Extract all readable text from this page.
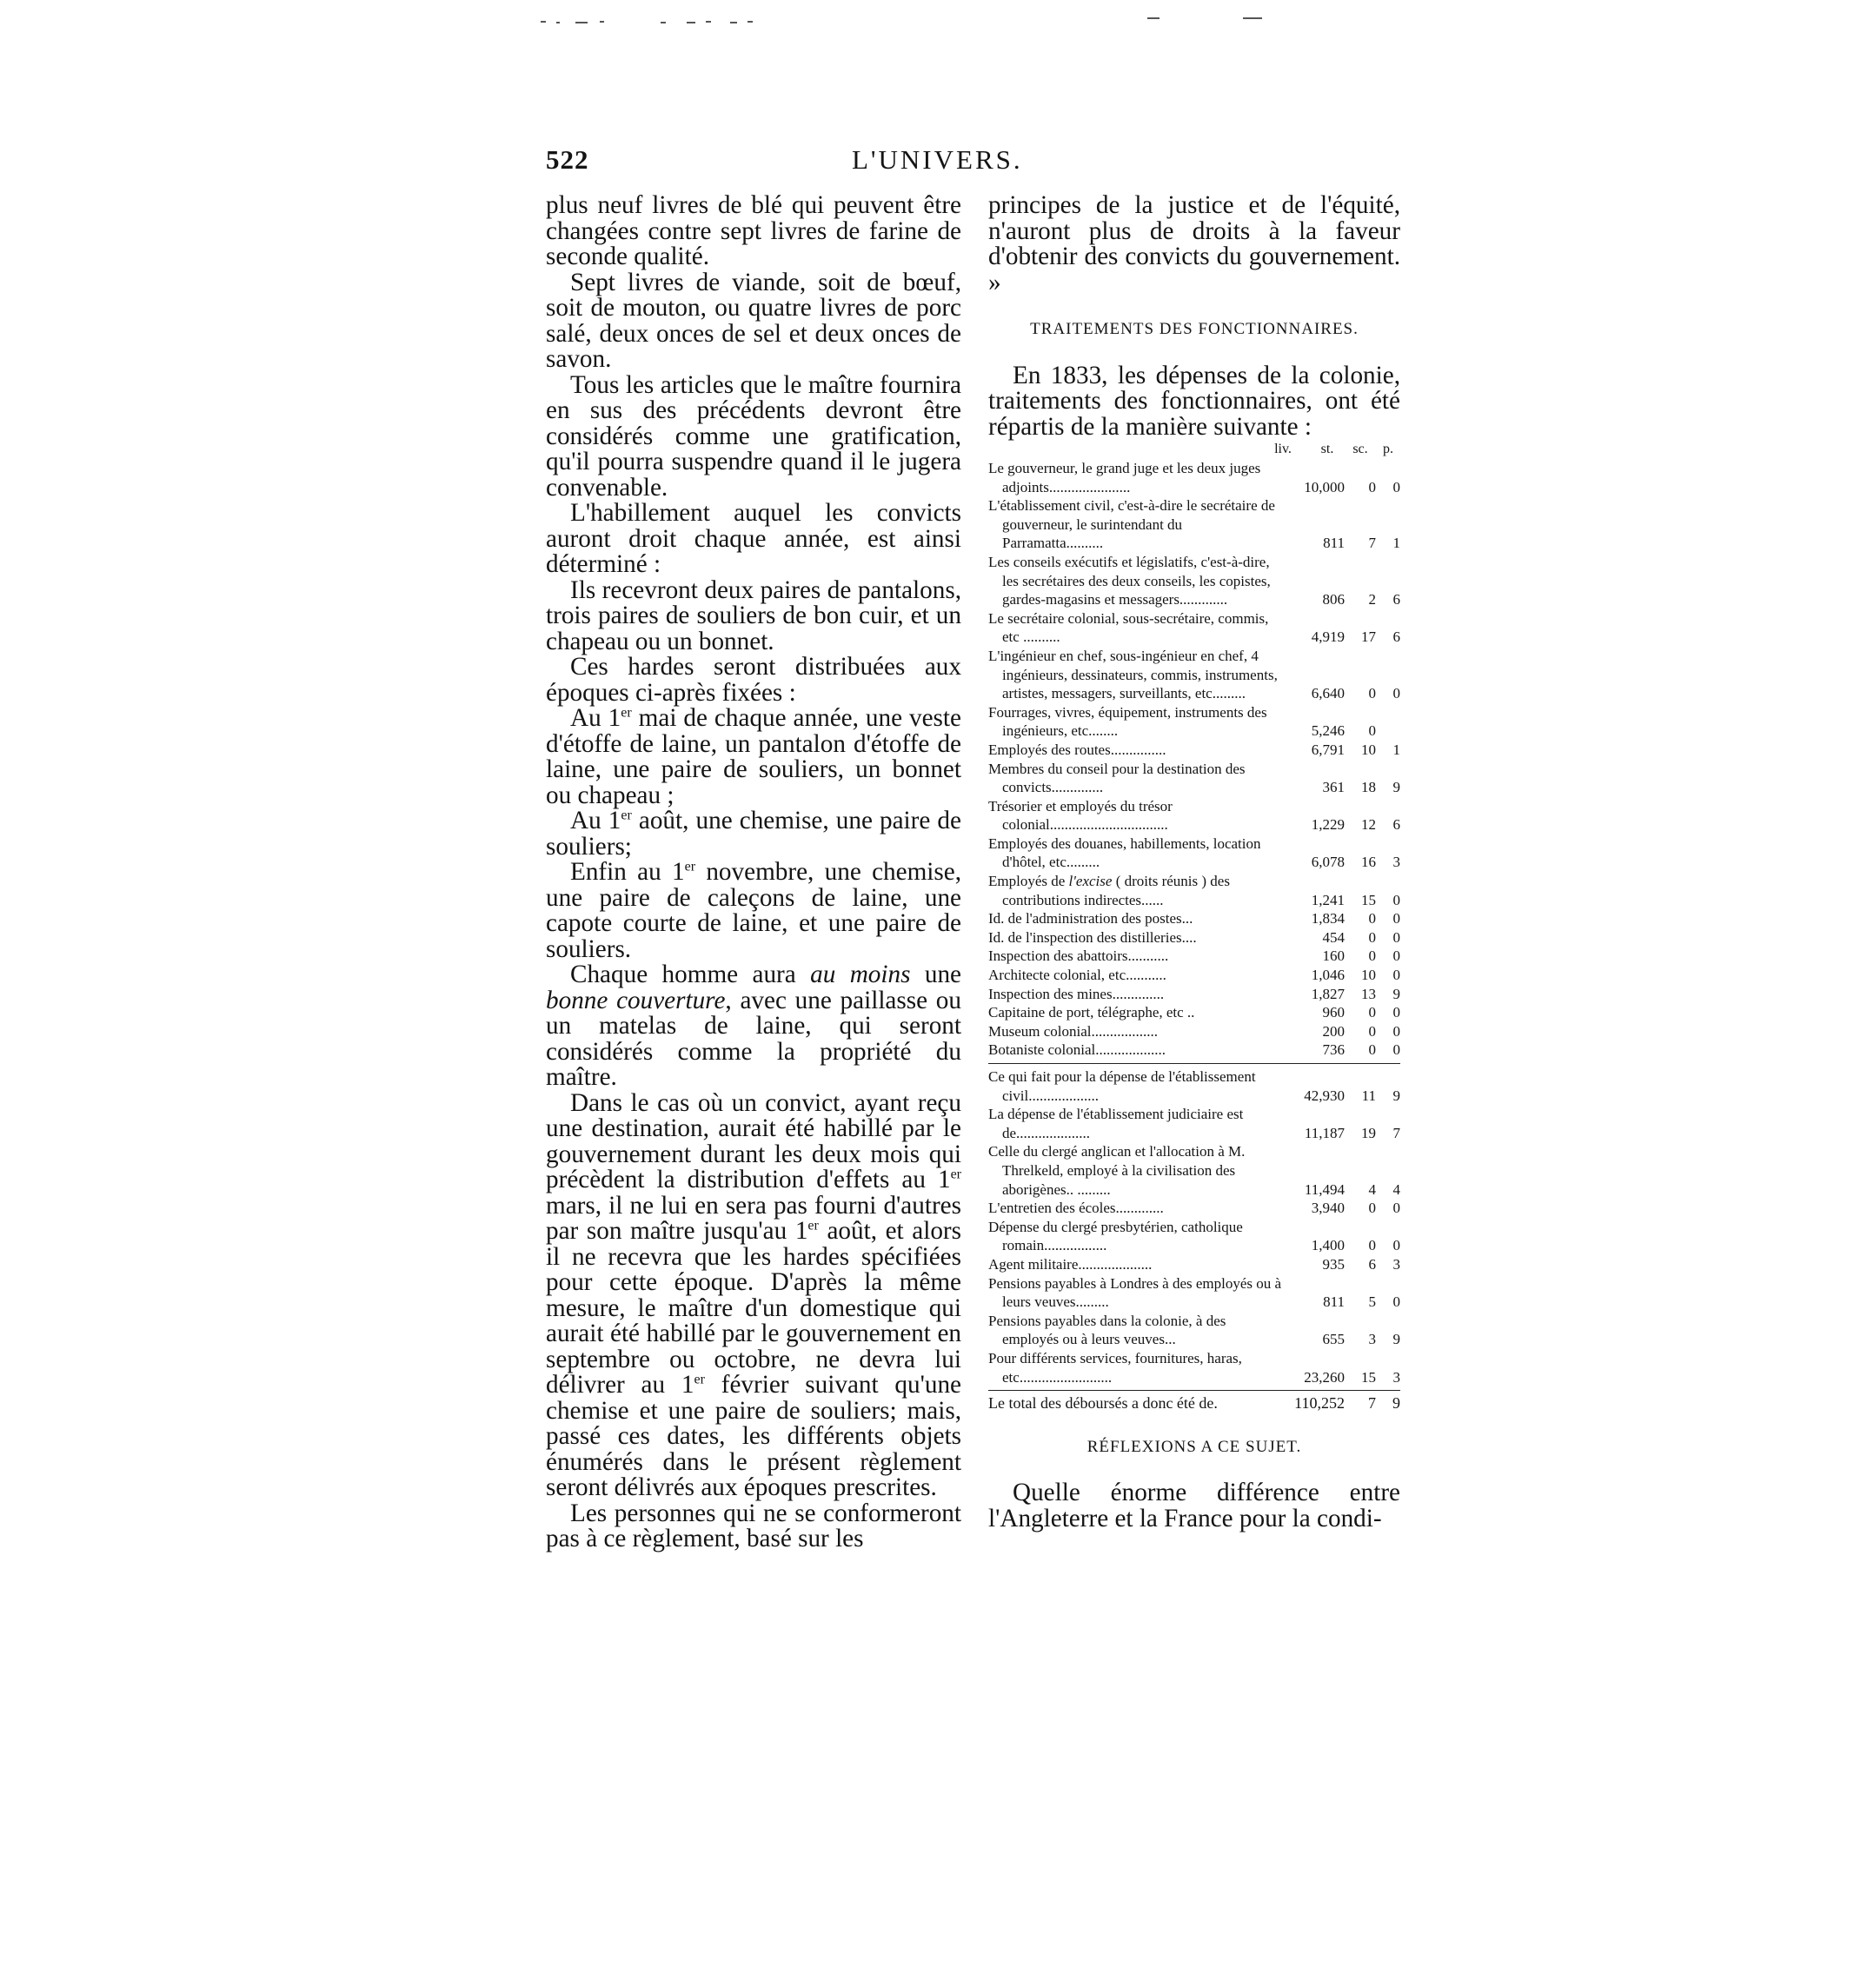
522	L'UNIVERS.

plus neuf livres de blé qui peuvent être changées contre sept livres de farine de seconde qualité.

Sept livres de viande, soit de bœuf, soit de mouton, ou quatre livres de porc salé, deux onces de sel et deux onces de savon.

Tous les articles que le maître fournira en sus des précédents devront être considérés comme une gratification, qu'il pourra suspendre quand il le jugera convenable.

L'habillement auquel les convicts auront droit chaque année, est ainsi déterminé :

Ils recevront deux paires de pantalons, trois paires de souliers de bon cuir, et un chapeau ou un bonnet.

Ces hardes seront distribuées aux époques ci-après fixées :

Au 1er mai de chaque année, une veste d'étoffe de laine, un pantalon d'étoffe de laine, une paire de souliers, un bonnet ou chapeau ;

Au 1er août, une chemise, une paire de souliers;

Enfin au 1er novembre, une chemise, une paire de caleçons de laine, une capote courte de laine, et une paire de souliers.

Chaque homme aura au moins une bonne couverture, avec une paillasse ou un matelas de laine, qui seront considérés comme la propriété du maître.

Dans le cas où un convict, ayant reçu une destination, aurait été habillé par le gouvernement durant les deux mois qui précèdent la distribution d'effets au 1er mars, il ne lui en sera pas fourni d'autres par son maître jusqu'au 1er août, et alors il ne recevra que les hardes spécifiées pour cette époque. D'après la même mesure, le maître d'un domestique qui aurait été habillé par le gouvernement en septembre ou octobre, ne devra lui délivrer au 1er février suivant qu'une chemise et une paire de souliers; mais, passé ces dates, les différents objets énumérés dans le présent règlement seront délivrés aux époques prescrites.

Les personnes qui ne se conformeront pas à ce règlement, basé sur les

principes de la justice et de l'équité, n'auront plus de droits à la faveur d'obtenir des convicts du gouvernement. »

TRAITEMENTS DES FONCTIONNAIRES.

En 1833, les dépenses de la colonie, traitements des fonctionnaires, ont été répartis de la manière suivante :

liv.	st.	sc.	p.
Le gouverneur, le grand juge et les deux juges adjoints......................	10,000	0	0
L'établissement civil, c'est-à-dire le secrétaire de gouverneur, le surintendant du Parramatta..........	811	7	1
Les conseils exécutifs et législatifs, c'est-à-dire, les secrétaires des deux conseils, les copistes, gardes-magasins et messagers.............	806	2	6
Le secrétaire colonial, sous-secrétaire, commis, etc ..........	4,919	17	6
L'ingénieur en chef, sous-ingénieur en chef, 4 ingénieurs, dessinateurs, commis, instruments, artistes, messagers, surveillants, etc.........	6,640	0	0
Fourrages, vivres, équipement, instruments des ingénieurs, etc........	5,246	0
Employés des routes...............	6,791	10	1
Membres du conseil pour la destination des convicts..............	361	18	9
Trésorier et employés du trésor colonial................................	1,229	12	6
Employés des douanes, habillements, location d'hôtel, etc.........	6,078	16	3
Employés de l'excise ( droits réunis ) des contributions indirectes......	1,241	15	0
Id. de l'administration des postes...	1,834	0	0
Id. de l'inspection des distilleries....	454	0	0
Inspection des abattoirs...........	160	0	0
Architecte colonial, etc...........	1,046	10	0
Inspection des mines..............	1,827	13	9
Capitaine de port, télégraphe, etc ..	960	0	0
Museum colonial..................	200	0	0
Botaniste colonial...................	736	0	0
Ce qui fait pour la dépense de l'établissement civil...................	42,930	11	9
La dépense de l'établissement judiciaire est de....................	11,187	19	7
Celle du clergé anglican et l'allocation à M. Threlkeld, employé à la civilisation des aborigènes.. .........	11,494	4	4
L'entretien des écoles.............	3,940	0	0
Dépense du clergé presbytérien, catholique romain.................	1,400	0	0
Agent militaire....................	935	6	3
Pensions payables à Londres à des employés ou à leurs veuves.........	811	5	0
Pensions payables dans la colonie, à des employés ou à leurs veuves...	655	3	9
Pour différents services, fournitures, haras, etc.........................	23,260	15	3
Le total des déboursés a donc été de.	110,252	7	9
RÉFLEXIONS A CE SUJET.

Quelle énorme différence entre l'Angleterre et la France pour la condi-
